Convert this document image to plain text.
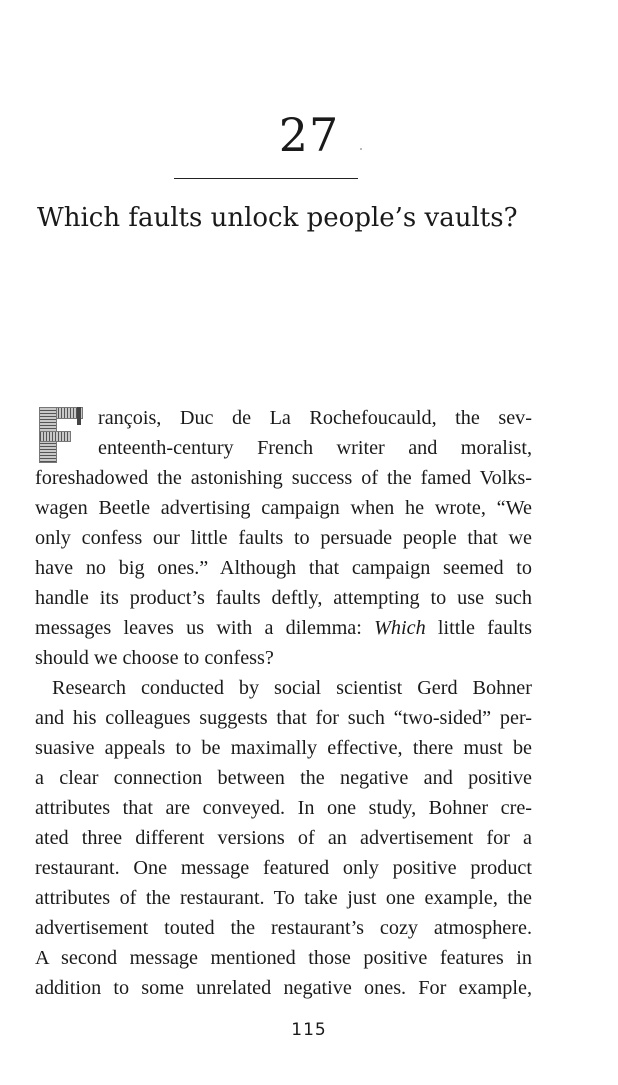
27
Which faults unlock people’s vaults?
rançois, Duc de La Rochefoucauld, the sev-
enteenth-century French writer and moralist,
foreshadowed the astonishing success of the famed Volks-
wagen Beetle advertising campaign when he wrote, “We
only confess our little faults to persuade people that we
have no big ones.” Although that campaign seemed to
handle its product’s faults deftly, attempting to use such
messages leaves us with a dilemma: Which little faults
should we choose to confess?
Research conducted by social scientist Gerd Bohner
and his colleagues suggests that for such “two-sided” per-
suasive appeals to be maximally effective, there must be
a clear connection between the negative and positive
attributes that are conveyed. In one study, Bohner cre-
ated three different versions of an advertisement for a
restaurant. One message featured only positive product
attributes of the restaurant. To take just one example, the
advertisement touted the restaurant’s cozy atmosphere.
A second message mentioned those positive features in
addition to some unrelated negative ones. For example,
115
